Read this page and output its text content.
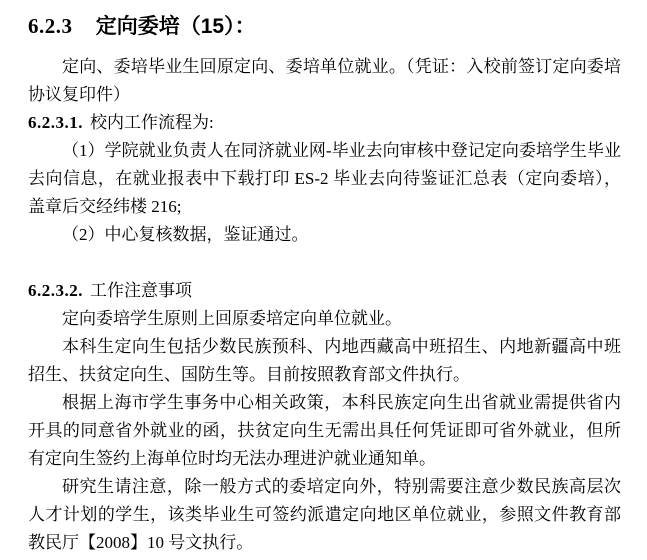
6.2.3 定向委培（15）：

定向、委培毕业生回原定向、委培单位就业。（凭证：入校前签订定向委培协议复印件）

6.2.3.1. 校内工作流程为:

（1）学院就业负责人在同济就业网-毕业去向审核中登记定向委培学生毕业去向信息，在就业报表中下载打印 ES-2 毕业去向待鉴证汇总表（定向委培），盖章后交经纬楼 216;

（2）中心复核数据，鉴证通过。

6.2.3.2. 工作注意事项

定向委培学生原则上回原委培定向单位就业。

本科生定向生包括少数民族预科、内地西藏高中班招生、内地新疆高中班招生、扶贫定向生、国防生等。目前按照教育部文件执行。

根据上海市学生事务中心相关政策，本科民族定向生出省就业需提供省内开具的同意省外就业的函，扶贫定向生无需出具任何凭证即可省外就业，但所有定向生签约上海单位时均无法办理进沪就业通知单。

研究生请注意，除一般方式的委培定向外，特别需要注意少数民族高层次人才计划的学生，该类毕业生可签约派遣定向地区单位就业，参照文件教育部教民厅【2008】10 号文执行。
